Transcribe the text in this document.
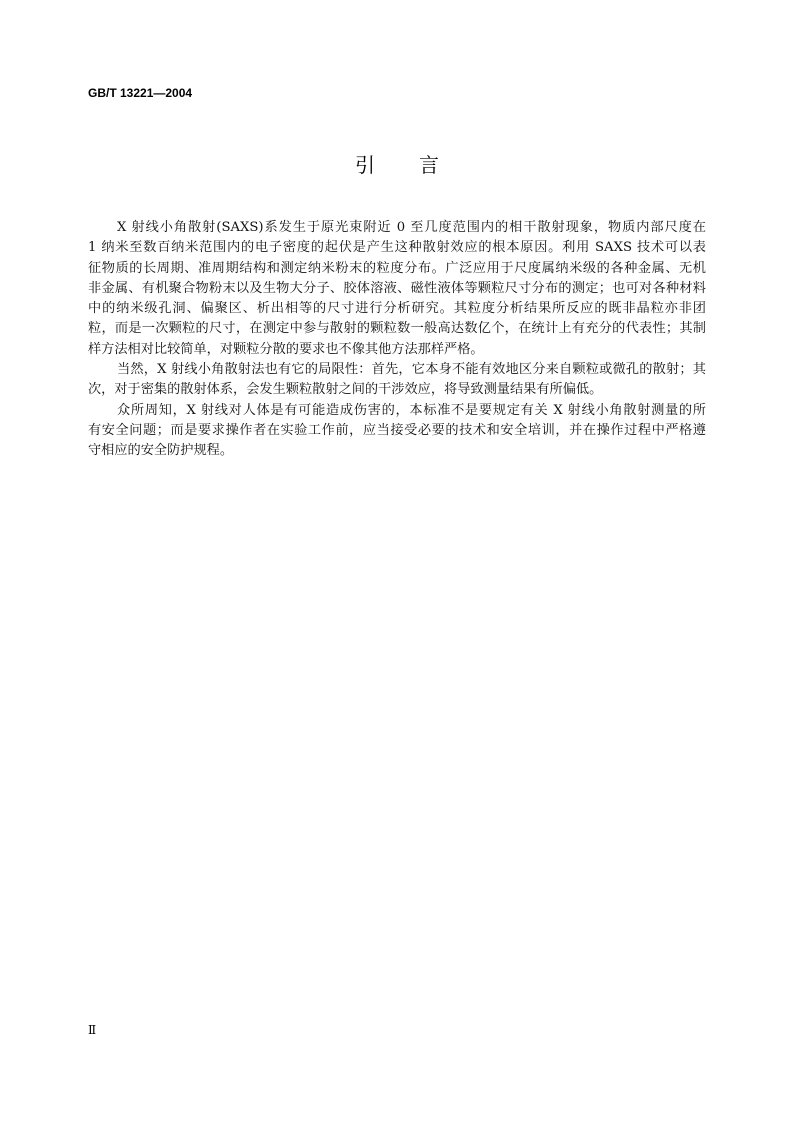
GB/T 13221—2004
引　言
X 射线小角散射(SAXS)系发生于原光束附近 0 至几度范围内的相干散射现象，物质内部尺度在
1 纳米至数百纳米范围内的电子密度的起伏是产生这种散射效应的根本原因。利用 SAXS 技术可以表
征物质的长周期、准周期结构和测定纳米粉末的粒度分布。广泛应用于尺度属纳米级的各种金属、无机
非金属、有机聚合物粉末以及生物大分子、胶体溶液、磁性液体等颗粒尺寸分布的测定；也可对各种材料
中的纳米级孔洞、偏聚区、析出相等的尺寸进行分析研究。其粒度分析结果所反应的既非晶粒亦非团
粒，而是一次颗粒的尺寸，在测定中参与散射的颗粒数一般高达数亿个，在统计上有充分的代表性；其制
样方法相对比较简单，对颗粒分散的要求也不像其他方法那样严格。
当然，X 射线小角散射法也有它的局限性：首先，它本身不能有效地区分来自颗粒或微孔的散射；其
次，对于密集的散射体系，会发生颗粒散射之间的干涉效应，将导致测量结果有所偏低。
众所周知，X 射线对人体是有可能造成伤害的，本标准不是要规定有关 X 射线小角散射测量的所
有安全问题；而是要求操作者在实验工作前，应当接受必要的技术和安全培训，并在操作过程中严格遵
守相应的安全防护规程。
Ⅱ
